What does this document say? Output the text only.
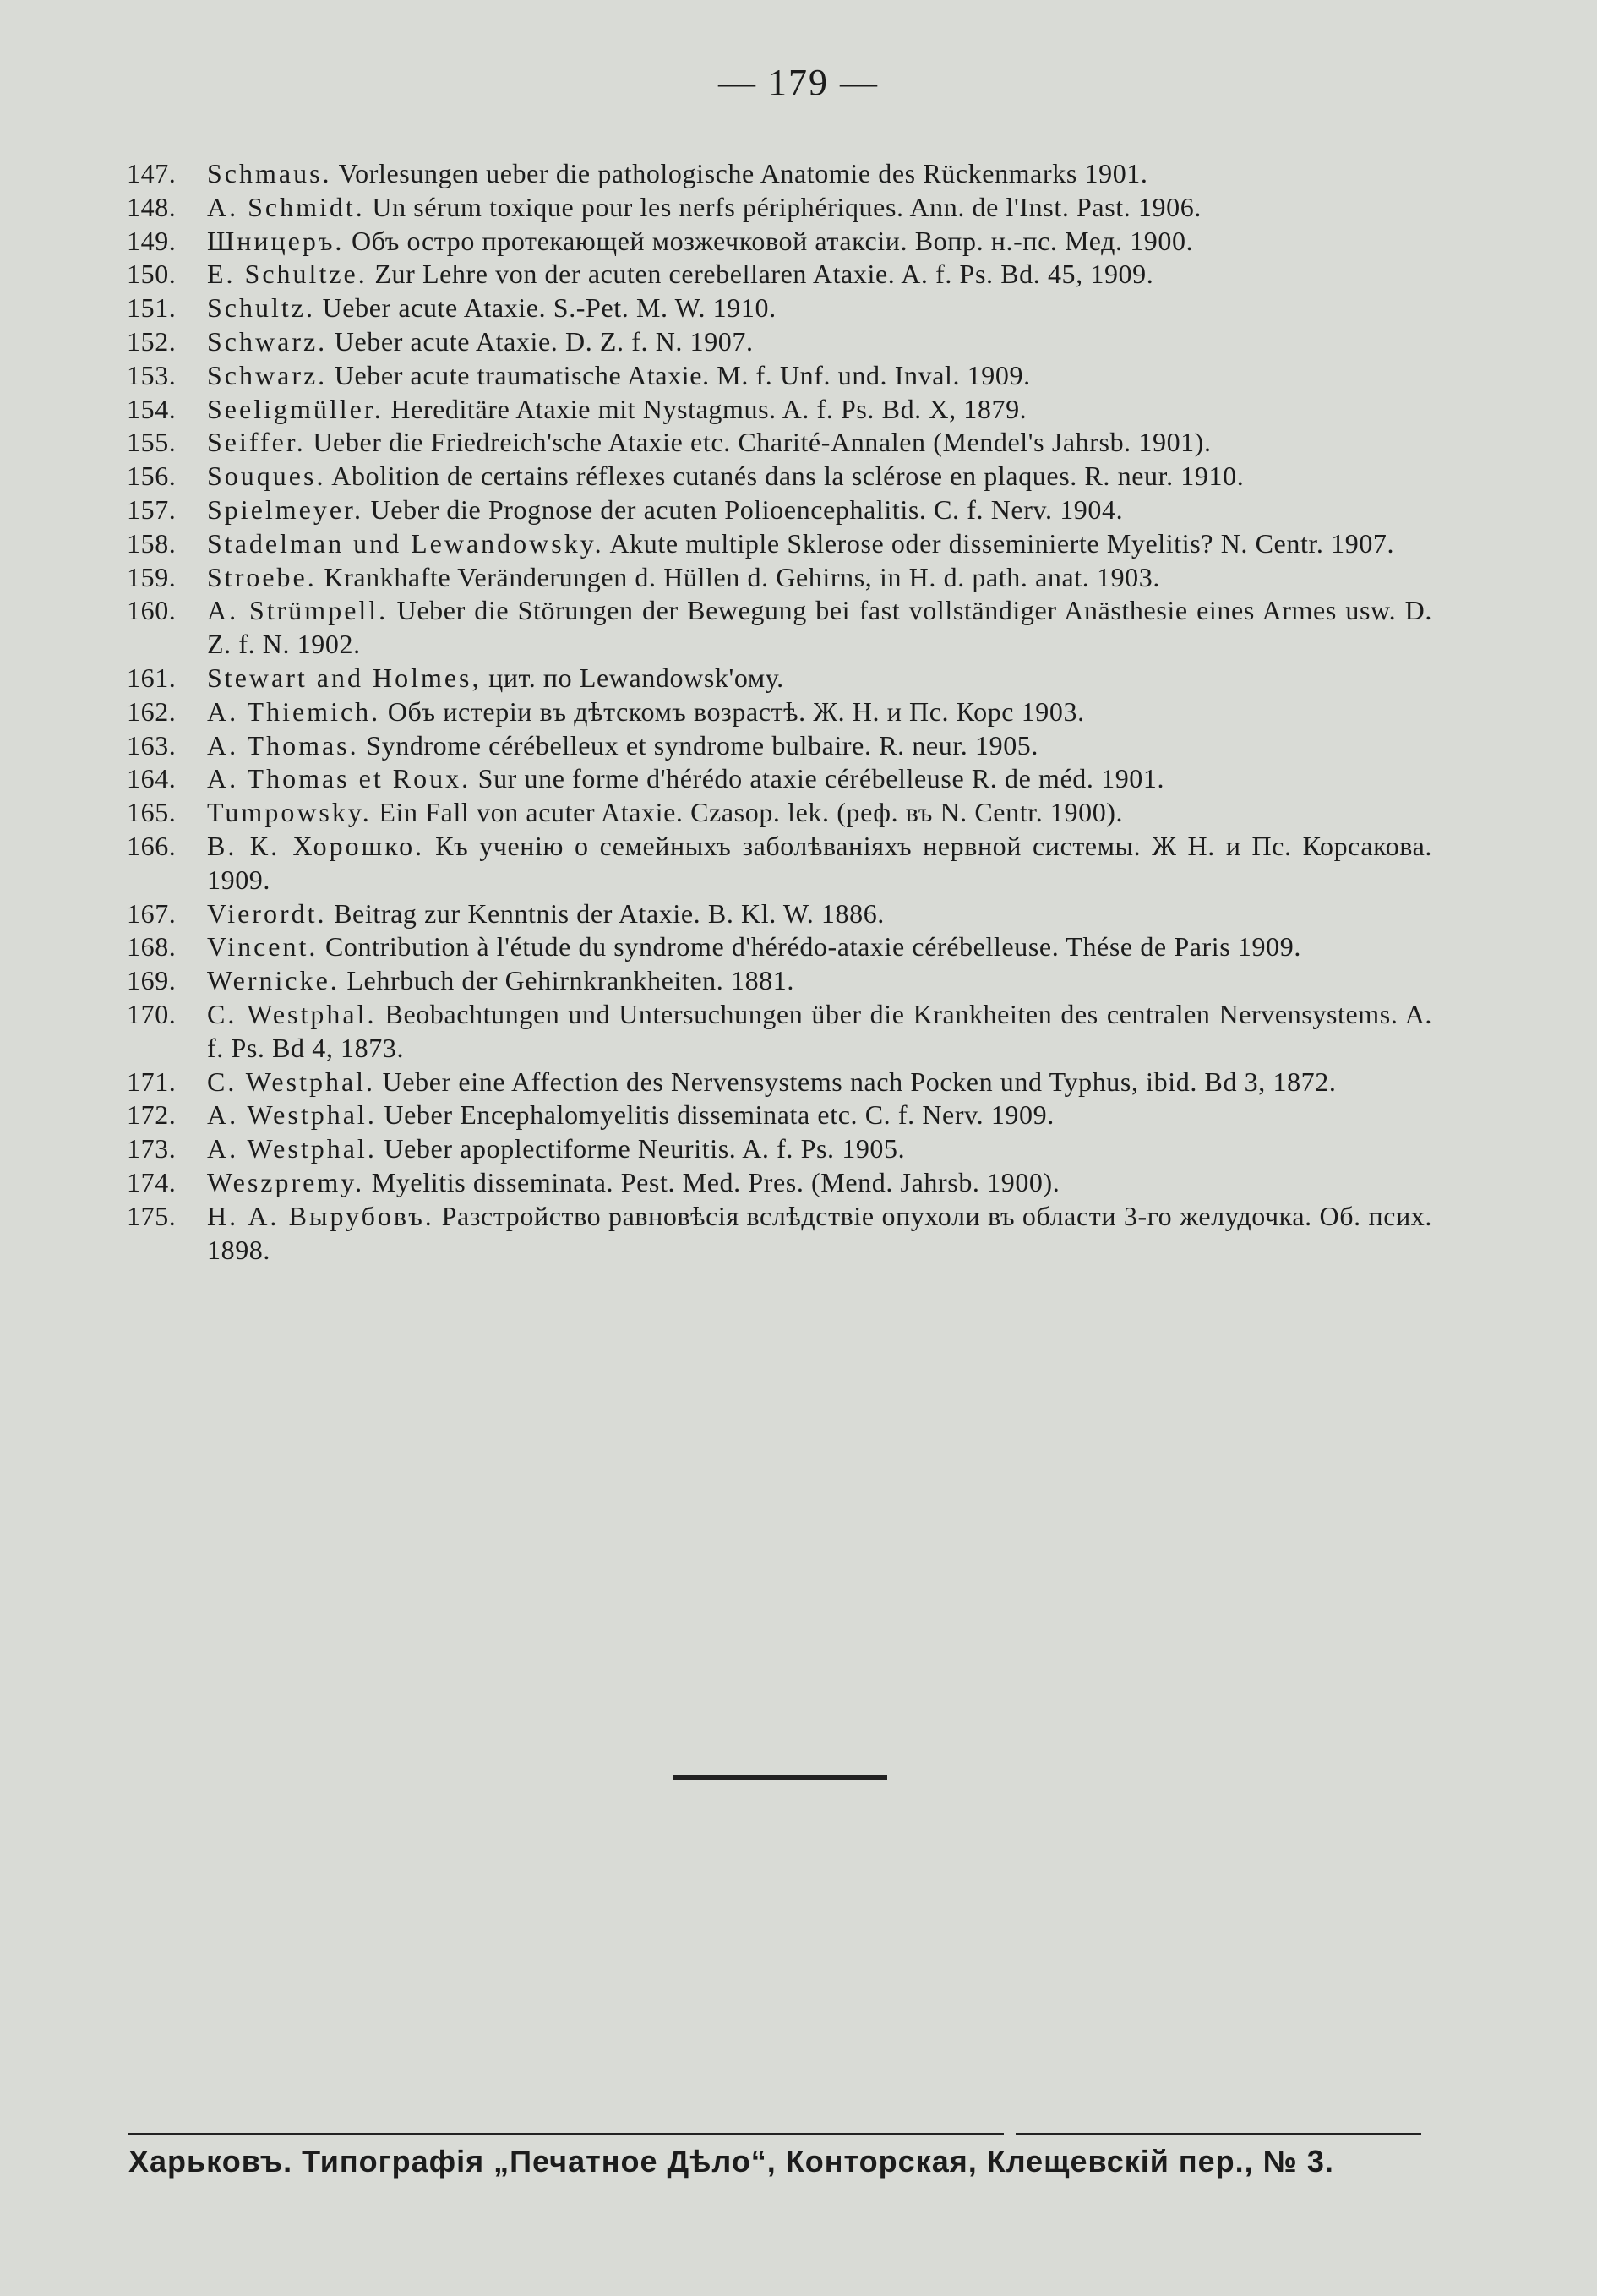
— 179 —
147.	Schmaus. Vorlesungen ueber die pathologische Anatomie des Rückenmarks 1901.
148.	A. Schmidt. Un sérum toxique pour les nerfs périphériques. Ann. de l'Inst. Past. 1906.
149.	Шницеръ. Объ остро протекающей мозжечковой атаксіи. Вопр. н.-пс. Мед. 1900.
150.	E. Schultze. Zur Lehre von der acuten cerebellaren Ataxie. A. f. Ps. Bd. 45, 1909.
151.	Schultz. Ueber acute Ataxie. S.-Pet. M. W. 1910.
152.	Schwarz. Ueber acute Ataxie. D. Z. f. N. 1907.
153.	Schwarz. Ueber acute traumatische Ataxie. M. f. Unf. und. Inval. 1909.
154.	Seeligmüller. Hereditäre Ataxie mit Nystagmus. A. f. Ps. Bd. X, 1879.
155.	Seiffer. Ueber die Friedreich'sche Ataxie etc. Charité-Annalen (Mendel's Jahrsb. 1901).
156.	Souques. Abolition de certains réflexes cutanés dans la sclérose en plaques. R. neur. 1910.
157.	Spielmeyer. Ueber die Prognose der acuten Polioencephalitis. C. f. Nerv. 1904.
158.	Stadelman und Lewandowsky. Akute multiple Sklerose oder disseminierte Myelitis? N. Centr. 1907.
159.	Stroebe. Krankhafte Veränderungen d. Hüllen d. Gehirns, in H. d. path. anat. 1903.
160.	A. Strümpell. Ueber die Störungen der Bewegung bei fast vollständiger Anästhesie eines Armes usw. D. Z. f. N. 1902.
161.	Stewart and Holmes, цит. по Lewandowsk'ому.
162.	A. Thiemich. Объ истеріи въ дѣтскомъ возрастѣ. Ж. Н. и Пс. Корс 1903.
163.	A. Thomas. Syndrome cérébelleux et syndrome bulbaire. R. neur. 1905.
164.	A. Thomas et Roux. Sur une forme d'hérédo ataxie cérébelleuse R. de méd. 1901.
165.	Tumpowsky. Ein Fall von acuter Ataxie. Czasop. lek. (реф. въ N. Centr. 1900).
166.	В. К. Хорошко. Къ ученію о семейныхъ заболѣваніяхъ нервной системы. Ж Н. и Пс. Корсакова. 1909.
167.	Vierordt. Beitrag zur Kenntnis der Ataxie. B. Kl. W. 1886.
168.	Vincent. Contribution à l'étude du syndrome d'hérédo-ataxie cérébelleuse. Thése de Paris 1909.
169.	Wernicke. Lehrbuch der Gehirnkrankheiten. 1881.
170.	C. Westphal. Beobachtungen und Untersuchungen über die Krankheiten des centralen Nervensystems. A. f. Ps. Bd 4, 1873.
171.	C. Westphal. Ueber eine Affection des Nervensystems nach Pocken und Typhus, ibid. Bd 3, 1872.
172.	A. Westphal. Ueber Encephalomyelitis disseminata etc. C. f. Nerv. 1909.
173.	A. Westphal. Ueber apoplectiforme Neuritis. A. f. Ps. 1905.
174.	Weszpremy. Myelitis disseminata. Pest. Med. Pres. (Mend. Jahrsb. 1900).
175.	Н. А. Вырубовъ. Разстройство равновѣсія вслѣдствіе опухоли въ области 3-го желудочка. Об. псих. 1898.
Харьковъ. Типографія „Печатное Дѣло“, Конторская, Клещевскій пер., № 3.
